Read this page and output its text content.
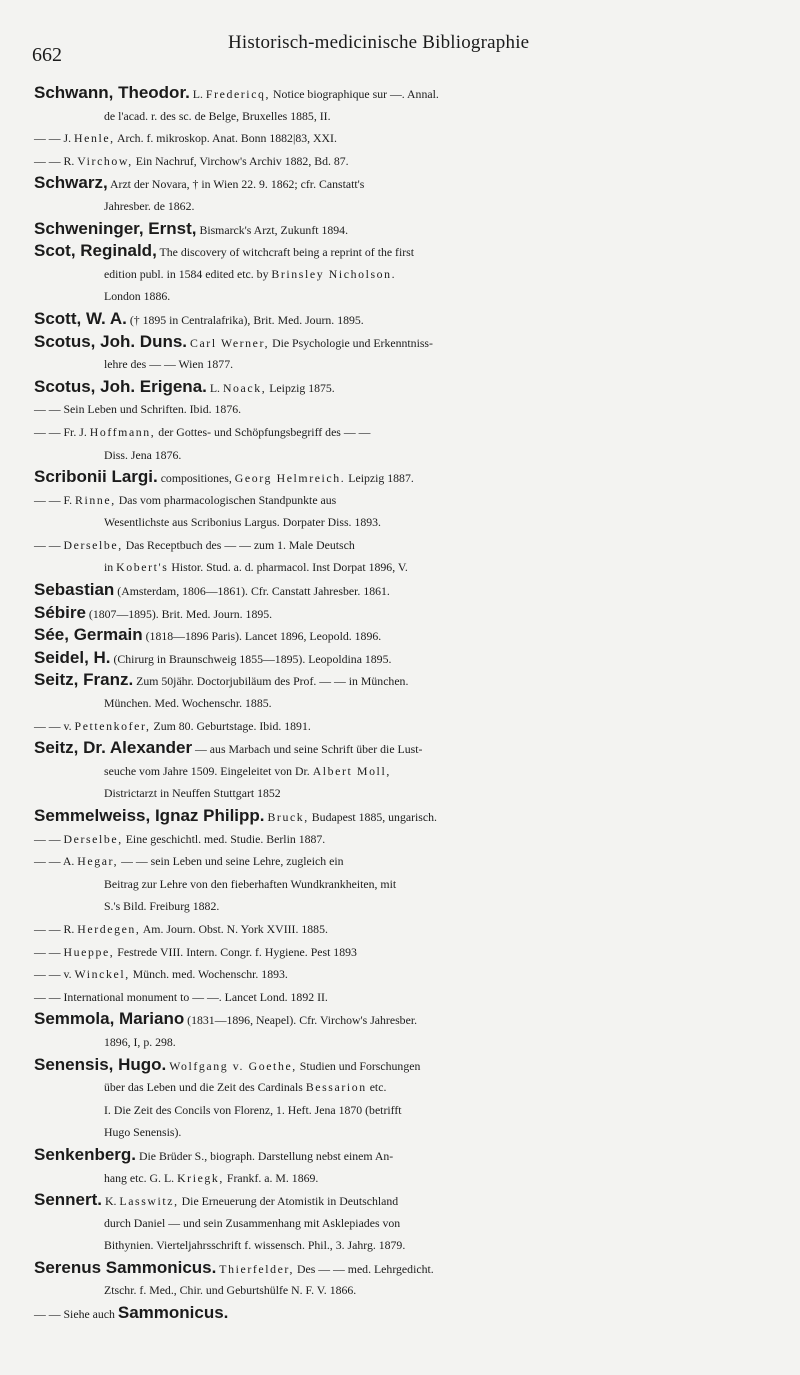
662
Historisch-medicinische Bibliographie
Schwann, Theodor. L. Fredericq, Notice biographique sur —. Annal.
de l'acad. r. des sc. de Belge, Bruxelles 1885, II.
— — J. Henle, Arch. f. mikroskop. Anat. Bonn 1882|83, XXI.
— — R. Virchow, Ein Nachruf, Virchow's Archiv 1882, Bd. 87.
Schwarz, Arzt der Novara, † in Wien 22. 9. 1862; cfr. Canstatt's
Jahresber. de 1862.
Schweninger, Ernst, Bismarck's Arzt, Zukunft 1894.
Scot, Reginald, The discovery of witchcraft being a reprint of the first
edition publ. in 1584 edited etc. by Brinsley Nicholson.
London 1886.
Scott, W. A. († 1895 in Centralafrika), Brit. Med. Journ. 1895.
Scotus, Joh. Duns. Carl Werner, Die Psychologie und Erkenntniss-
lehre des — — Wien 1877.
Scotus, Joh. Erigena. L. Noack, Leipzig 1875.
— — Sein Leben und Schriften. Ibid. 1876.
— — Fr. J. Hoffmann, der Gottes- und Schöpfungsbegriff des — —
Diss. Jena 1876.
Scribonii Largi. compositiones, Georg Helmreich. Leipzig 1887.
— — F. Rinne, Das vom pharmacologischen Standpunkte aus
Wesentlichste aus Scribonius Largus. Dorpater Diss. 1893.
— — Derselbe, Das Receptbuch des — — zum 1. Male Deutsch
in Kobert's Histor. Stud. a. d. pharmacol. Inst Dorpat 1896, V.
Sebastian (Amsterdam, 1806—1861). Cfr. Canstatt Jahresber. 1861.
Sébire (1807—1895). Brit. Med. Journ. 1895.
Sée, Germain (1818—1896 Paris). Lancet 1896, Leopold. 1896.
Seidel, H. (Chirurg in Braunschweig 1855—1895). Leopoldina 1895.
Seitz, Franz. Zum 50jähr. Doctorjubiläum des Prof. — — in München.
München. Med. Wochenschr. 1885.
— — v. Pettenkofer, Zum 80. Geburtstage. Ibid. 1891.
Seitz, Dr. Alexander — aus Marbach und seine Schrift über die Lust-
seuche vom Jahre 1509. Eingeleitet von Dr. Albert Moll,
Districtarzt in Neuffen Stuttgart 1852
Semmelweiss, Ignaz Philipp. Bruck, Budapest 1885, ungarisch.
— — Derselbe, Eine geschichtl. med. Studie. Berlin 1887.
— — A. Hegar, — — sein Leben und seine Lehre, zugleich ein
Beitrag zur Lehre von den fieberhaften Wundkrankheiten, mit
S.'s Bild. Freiburg 1882.
— — R. Herdegen, Am. Journ. Obst. N. York XVIII. 1885.
— — Hueppe, Festrede VIII. Intern. Congr. f. Hygiene. Pest 1893
— — v. Winckel, Münch. med. Wochenschr. 1893.
— — International monument to — —. Lancet Lond. 1892 II.
Semmola, Mariano (1831—1896, Neapel). Cfr. Virchow's Jahresber.
1896, I, p. 298.
Senensis, Hugo. Wolfgang v. Goethe, Studien und Forschungen
über das Leben und die Zeit des Cardinals Bessarion etc.
I. Die Zeit des Concils von Florenz, 1. Heft. Jena 1870 (betrifft
Hugo Senensis).
Senkenberg. Die Brüder S., biograph. Darstellung nebst einem An-
hang etc. G. L. Kriegk, Frankf. a. M. 1869.
Sennert. K. Lasswitz, Die Erneuerung der Atomistik in Deutschland
durch Daniel — und sein Zusammenhang mit Asklepiades von
Bithynien. Vierteljahrsschrift f. wissensch. Phil., 3. Jahrg. 1879.
Serenus Sammonicus. Thierfelder, Des — — med. Lehrgedicht.
Ztschr. f. Med., Chir. und Geburtshülfe N. F. V. 1866.
— — Siehe auch Sammonicus.
